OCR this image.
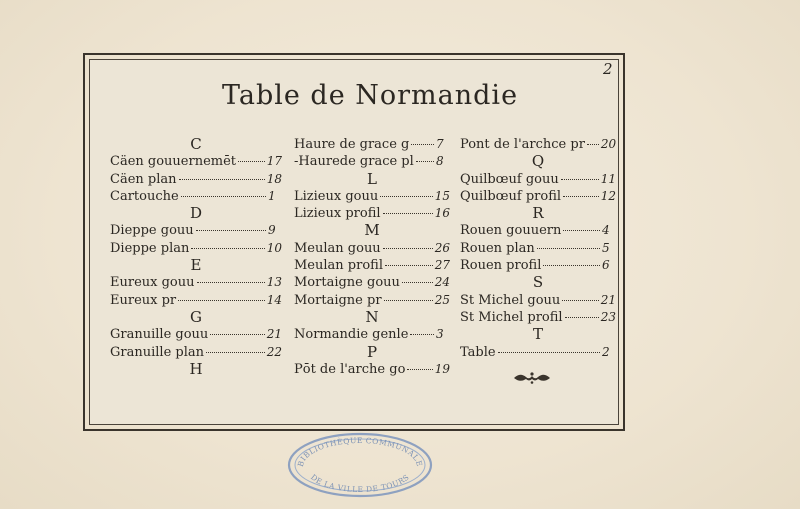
2
Table de Normandie
C
Cäen gouuernemēt	17
Cäen plan	18
Cartouche	1
D
Dieppe gouu	9
Dieppe plan	10
E
Eureux gouu	13
Eureux pr	14
G
Granuille gouu	21
Granuille plan	22
H
Haure de grace g 7
-Haurede grace pl 8
L
Lizieux gouu	15
Lizieux profil	16
M
Meulan gouu	26
Meulan profil	27
Mortaigne gouu	24
Mortaigne pr	25
N
Normandie genle 3
P
Pōt de l'arche go 19
Pont de l'archce pr 20
Q
Quilbœuf gouu	11
Quilbœuf profil	12
R
Rouen gouuern	4
Rouen plan	5
Rouen profil	6
S
St Michel gouu	21
St Michel profil	23
T
Table	2
BIBLIOTHÈQUE COMMUNALE
DE LA VILLE DE TOURS
